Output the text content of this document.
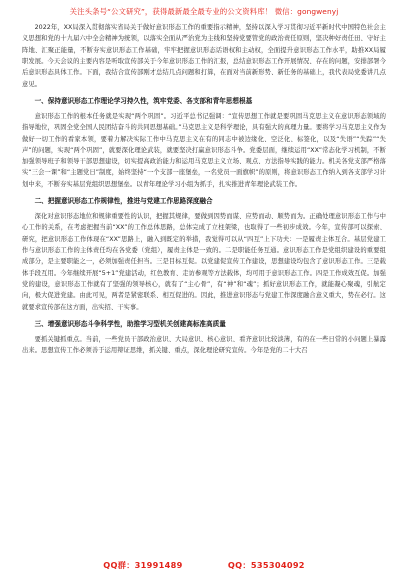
关注头条号“公文研究”，获得最新最全最专业的公文资料库！ 微信：gongwenyj

2022年，XX局深入贯彻落实省局关于做好意识形态工作的重要指示精神，坚持以深入学习贯彻习近平新时代中国特色社会主义思想和党的十九届六中全会精神为统领，以落实全面从严治党为主线和坚持党要管党的政治责任原则，坚决种好责任田、守好主阵地、汇聚正能量，不断夯实意识形态工作基础，牢牢把握意识形态话语权和主动权，全面提升意识形态工作水平，助推XX局履职发展。今天会议的主要内容是听取宣传部关于今年意识形态工作的汇报，总结意识形态工作开展情况、存在的问题，安排部署今后意识形态具体工作。下面，我结合宣传部刚才总结几点问题和打算，在面对当前新形势、新任务的基础上，我代表局党委讲几点意见。

一、保持意识形态工作理论学习持久性，筑牢党委、各支部和青年思想根基

意识形态工作的根本任务就是实现“两个巩固”。习近平总书记强调：“宣传思想工作就是要巩固马克思主义在意识形态领域的指导地位，巩固全党全国人民团结奋斗的共同思想基础。”马克思主义是科学理论，具有强大的真理力量。要将学习马克思主义作为做好一切工作的看家本领，要着力解决实际工作中马克思主义在有的同志中被边缘化、空泛化、标签化，以及“失语”“失踪”“失声”的问题，实现“两个巩固”，就要深化理论武装，就要坚决打赢意识形态斗争。党委层面，继续运用“XX”常态化学习机制，不断加强领导班子和领导干部思想建设，切实提高政治能力和运用马克思主义立场、观点、方法指导实践的能力。机关各党支部严格落实“三会一课”和“主题党日”制度，始终坚持“一个支部一座堡垒，一名党员一面旗帜”的原则，将意识形态工作纳入到各支部学习计划中来，不断夯实基层党组织思想堡垒。以青年理论学习小组为抓手，扎实推进青年理论武装工作。

二、把握意识形态工作规律性，推进与党建工作思路深度融合

深化对意识形态地位和规律重要性的认识，把握其规律，要做到因势而谋、应势而动、顺势而为。正确处理意识形态工作与中心工作的关系，在考虑把握当前“XX”的工作总体思路，总体完成了立柱架梁，也取得了一些初步成效。今年，宣传部可以探索、研究，把意识形态工作体现在“XX”思路上，融入到既定的举措，我觉得可以从“四互”上下功夫：一是履责主体互合。基层党建工作与意识形态工作的主体责任均在各党委（党组），履责主体是一致的。二是职能任务互通。意识形态工作是党组织建设的重要组成部分，是主要职能之一，必须加强责任担当。三是目标互促。以党建促宣传工作建设，思想建设均包含了意识形态工作。三是载体手段互用。今年继续开展“5+1”党建活动，红色教育、走访参观等方法载体，均可用于意识形态工作。四是工作成效互促。加强党的建设，意识形态工作就有了坚强的领导核心，就有了“主心骨”，有“神”和“魂”；抓好意识形态工作，就能凝心聚魂，引航定向，极大促进党建。由此可见，两者是紧密联系、相互促进的。因此，推进意识形态与党建工作深度融合意义重大，势在必行。这就要求宣传部在这方面，出实招、干实事。

三、增强意识形态斗争科学性，助推学习型机关创建高标准高质量

要抓关键抓重点。当前，一些党员干部政治意识、大局意识、核心意识、看齐意识比较淡薄，有的在一些日常的小问题上暴露出来。思想宣传工作必须善于运用辩证思维，抓关键、重点，深化理论研究宣传。今年是党的二十大召

QQ群：31991489	QQ：535304092
